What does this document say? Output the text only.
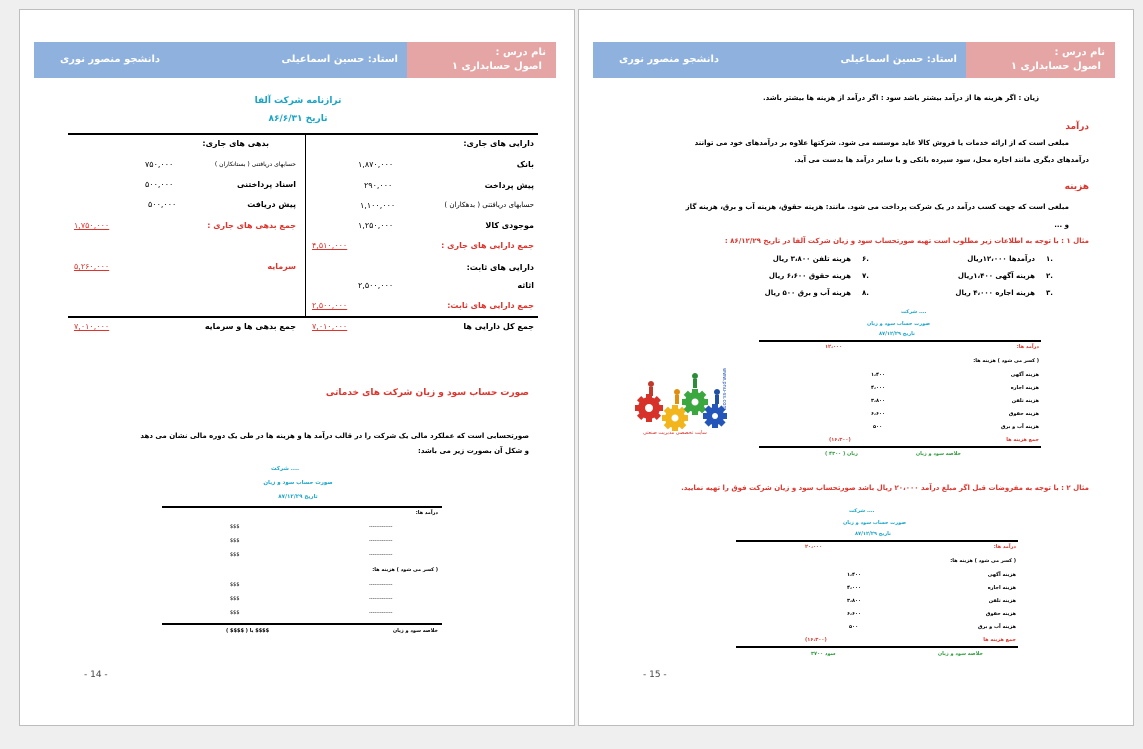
نام درس :
اصول حسابداری ۱
استاد: حسین اسماعیلی
دانشجو منصور نوری
ترازنامه شرکت آلفا
تاریخ ۸۶/۶/۳۱
دارایی های جاری:
بانک
۱,۸۷۰,۰۰۰
پیش پرداخت
۲۹۰,۰۰۰
حسابهای دریافتنی ( بدهکاران )
۱,۱۰۰,۰۰۰
موجودی کالا
۱,۲۵۰,۰۰۰
جمع دارایی های جاری :
۴,۵۱۰,۰۰۰
دارایی های ثابت:
اثاثه
۲,۵۰۰,۰۰۰
جمع دارایی های ثابت:
۲,۵۰۰,۰۰۰
جمع کل دارایی ها
۷,۰۱۰,۰۰۰
بدهی های جاری:
حسابهای دریافتنی ( بستانکاران )
۷۵۰,۰۰۰
اسناد پرداختنی
۵۰۰,۰۰۰
پیش دریافت
۵۰۰,۰۰۰
جمع بدهی های جاری :
۱,۷۵۰,۰۰۰
سرمایه
۵,۲۶۰,۰۰۰
جمع بدهی ها و سرمایه
۷,۰۱۰,۰۰۰
صورت حساب سود و زیان شرکت های خدماتی
صورتحسابی است که عملکرد مالی یک شرکت را در قالب درآمد ها و هزینه ها در طی یک دوره مالی نشان می دهد
و شکل آن بصورت زیر می باشد:
شرکت ....
صورت حساب سود و زیان
تاریخ ۸۷/۱۲/۲۹
درآمد ها:
-------------
$$$
-------------
$$$
-------------
$$$
( کسر می شود ) هزینه ها:
-------------
$$$
-------------
$$$
-------------
$$$
خلاصه سود و زیان
( $$$$ ) یا $$$$
- 14 -
نام درس :
اصول حسابداری ۱
استاد: حسین اسماعیلی
دانشجو منصور نوری
زیان : اگر هزینه ها از درآمد بیشتر باشد سود : اگر درآمد از هزینه ها بیشتر باشد.
درآمد
مبلغی است که از ارائه خدمات یا فروش کالا عاید موسسه می شود. شرکتها علاوه بر درآمدهای خود می توانند
درآمدهای دیگری مانند اجاره محل، سود سپرده بانکی و یا سایر درآمد ها بدست می آید.
هزینه
مبلغی است که جهت کسب درآمد در یک شرکت پرداخت می شود. مانند: هزینه حقوق، هزینه آب و برق، هزینه گاز
و ...
مثال ۱ : با توجه به اطلاعات زیر مطلوب است تهیه صورتحساب سود و زیان شرکت آلفا در تاریخ ۸۶/۱۲/۲۹ :
۱.
درآمدها ۱۲،۰۰۰ریال
۶.
هزینه تلفن ۳،۸۰۰ ریال
۲.
هزینه آگهی ۱،۴۰۰ریال
۷.
هزینه حقوق ۶،۶۰۰ ریال
۳.
هزینه اجاره ۴،۰۰۰ ریال
۸.
هزینه آب و برق ۵۰۰ ریال
شرکت ....
صورت حساب سود و زیان
تاریخ ۸۷/۱۲/۲۹
درآمد ها:
۱۲،۰۰۰
( کسر می شود ) هزینه ها:
هزینه آگهی
۱،۴۰۰
هزینه اجاره
۴،۰۰۰
هزینه تلفن
۳،۸۰۰
هزینه حقوق
۶،۶۰۰
هزینه آب و برق
۵۰۰
جمع هزینه ها
(۱۶،۳۰۰)
خلاصه سود و زیان
( ۴۳۰۰ ) زیان
www.pnu-ss.com
سایت تخصصی مدیریت صنعتی
مثال ۲ : با توجه به مفروضات قبل اگر مبلغ درآمد ۲۰،۰۰۰ ریال باشد صورتحساب سود و زیان شرکت فوق را تهیه نمایید.
شرکت ....
صورت حساب سود و زیان
تاریخ ۸۷/۱۲/۲۹
درآمد ها:
۲۰،۰۰۰
( کسر می شود ) هزینه ها:
هزینه آگهی
۱،۴۰۰
هزینه اجاره
۴،۰۰۰
هزینه تلفن
۳،۸۰۰
هزینه حقوق
۶،۶۰۰
هزینه آب و برق
۵۰۰
جمع هزینه ها
(۱۶،۳۰۰)
خلاصه سود و زیان
۳۷۰۰ سود
- 15 -
